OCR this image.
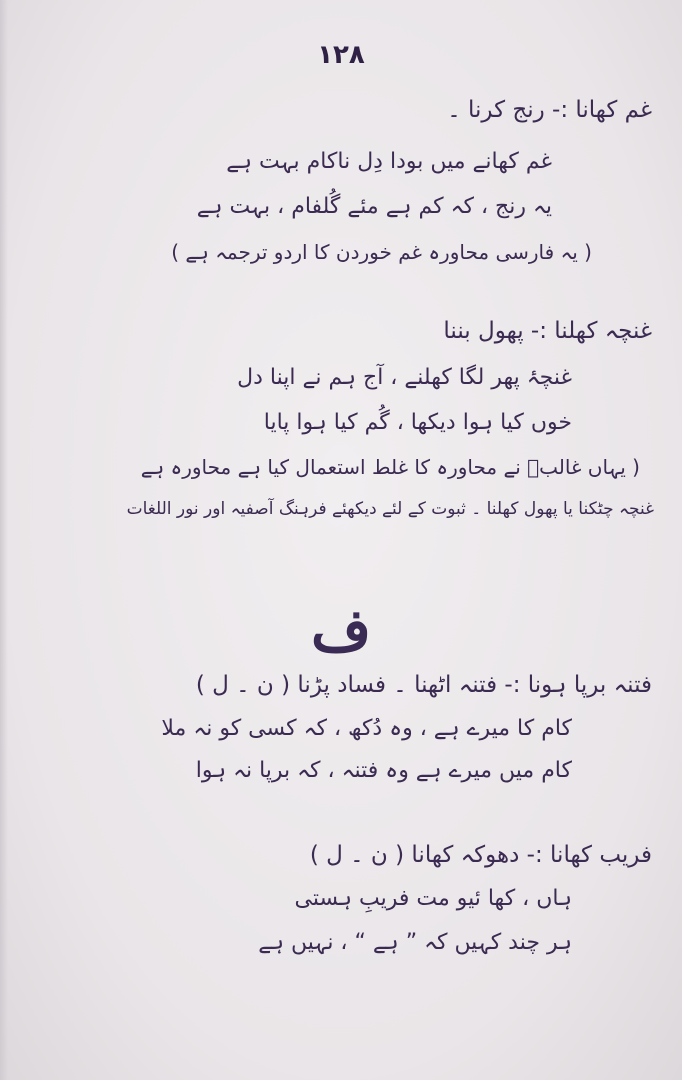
۱۲۸
غم کھانا :- رنج کرنا ۔
غم کھانے میں بودا دِل ناکام بہت ہے
یہ رنج ، کہ کم ہے مئے گُلفام ، بہت ہے
( یہ فارسی محاورہ غم خوردن کا اردو ترجمہ ہے )
غنچہ کھلنا :- پھول بننا
غنچۂ پھر لگا کھلنے ، آج ہم نے اپنا دل
خوں کیا ہوا دیکھا ، گُم کیا ہوا پایا
( یہاں غالبؔ نے محاورہ کا غلط استعمال کیا ہے محاورہ ہے
غنچہ چٹکنا یا پھول کھلنا ۔ ثبوت کے لئے دیکھئے فرہنگ آصفیہ اور نور اللغات
ف
فتنہ برپا ہونا :- فتنہ اٹھنا ۔ فساد پڑنا ( ن ۔ ل )
کام کا میرے ہے ، وہ دُکھ ، کہ کسی کو نہ ملا
کام میں میرے ہے وہ فتنہ ، کہ برپا نہ ہوا
فریب کھانا :- دھوکہ کھانا ( ن ۔ ل )
ہاں ، کھا ئیو مت فریبِ ہستی
ہر چند کہیں کہ ” ہے “ ، نہیں ہے
